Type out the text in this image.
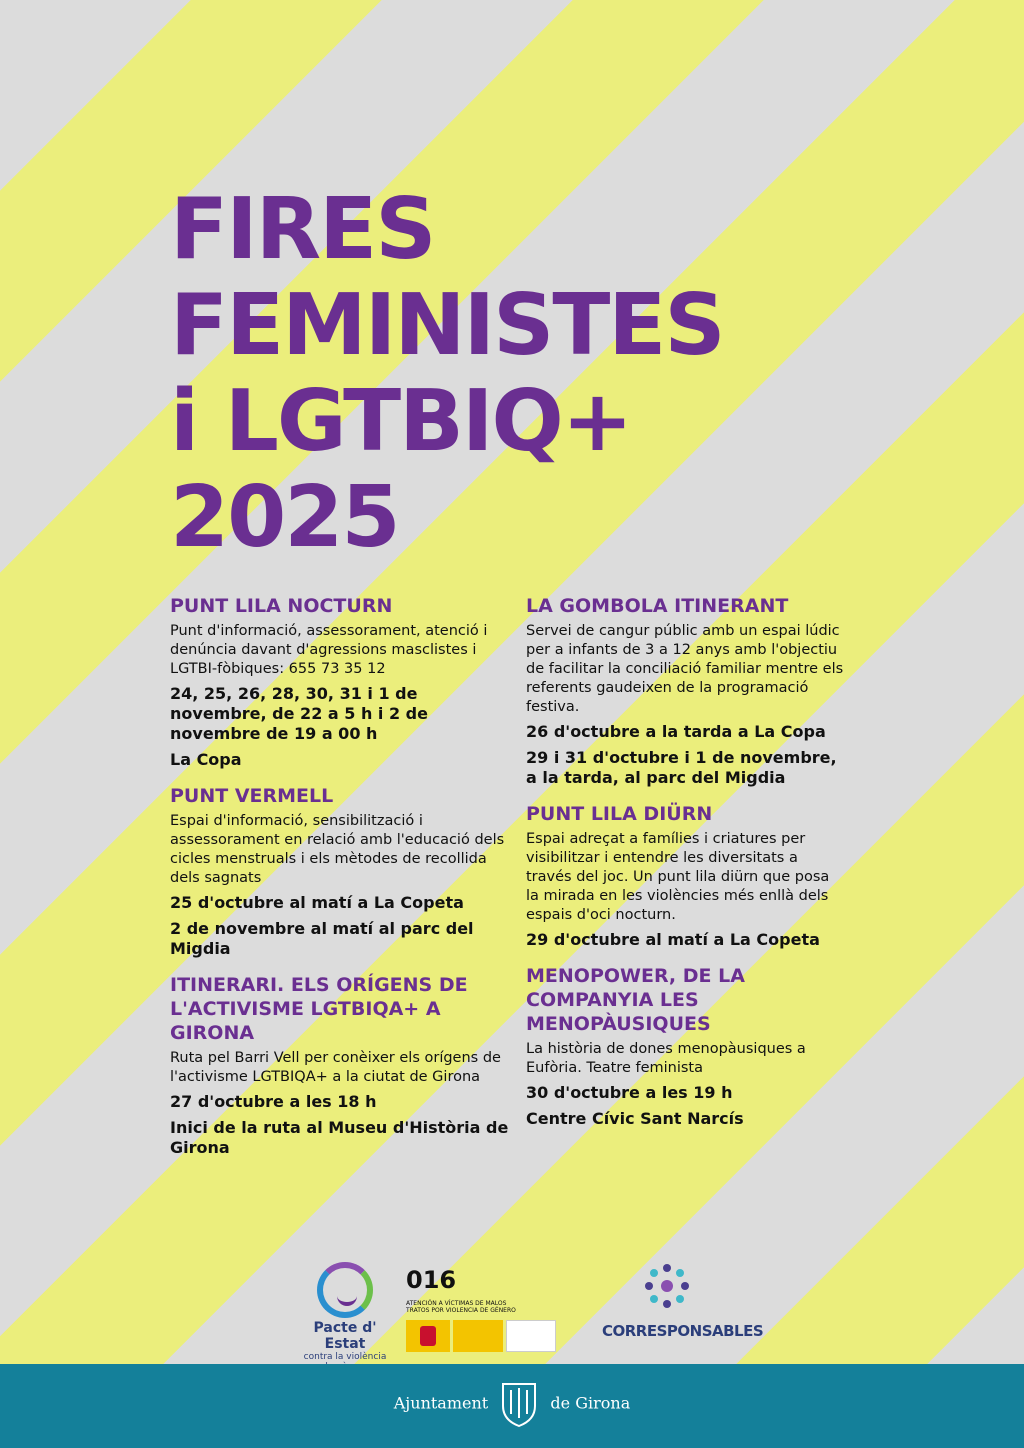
FIRES
FEMINISTES
i LGTBIQ+
2025
PUNT LILA NOCTURN
Punt d'informació, assessorament, atenció i denúncia davant d'agressions masclistes i LGTBI-fòbiques: 655 73 35 12
24, 25, 26, 28, 30, 31 i 1 de novembre, de 22 a 5 h i 2 de novembre de 19 a 00 h
La Copa
PUNT VERMELL
Espai d'informació, sensibilització i assessorament en relació amb l'educació dels cicles menstruals i els mètodes de recollida dels sagnats
25 d'octubre al matí a La Copeta
2 de novembre al matí al parc del Migdia
ITINERARI. ELS ORÍGENS DE L'ACTIVISME LGTBIQA+ A GIRONA
Ruta pel Barri Vell per conèixer els orígens de l'activisme LGTBIQA+ a la ciutat de Girona
27 d'octubre a les 18 h
Inici de la ruta al Museu d'Història de Girona
LA GOMBOLA ITINERANT
Servei de cangur públic amb un espai lúdic per a infants de 3 a 12 anys amb l'objectiu de facilitar la conciliació familiar mentre els referents gaudeixen de la programació festiva.
26 d'octubre a la tarda a La Copa
29 i 31 d'octubre i 1 de novembre, a la tarda, al parc del Migdia
PUNT LILA DIÜRN
Espai adreçat a famílies i criatures per visibilitzar i entendre les diversitats a través del joc. Un punt lila diürn que posa la mirada en les violències més enllà dels espais d'oci nocturn.
29 d'octubre al matí a La Copeta
MENOPOWER, DE LA COMPANYIA LES MENOPÀUSIQUES
La història de dones menopàusiques a Eufòria. Teatre feminista
30 d'octubre a les 19 h
Centre Cívic Sant Narcís
Pacte d' Estat
contra la violència
016 ATENCIÓN A VÍCTIMAS DE MALOS TRATOS POR VIOLENCIA DE GÉNERO
CORRESPONSABLES
Ajuntament	de Girona
